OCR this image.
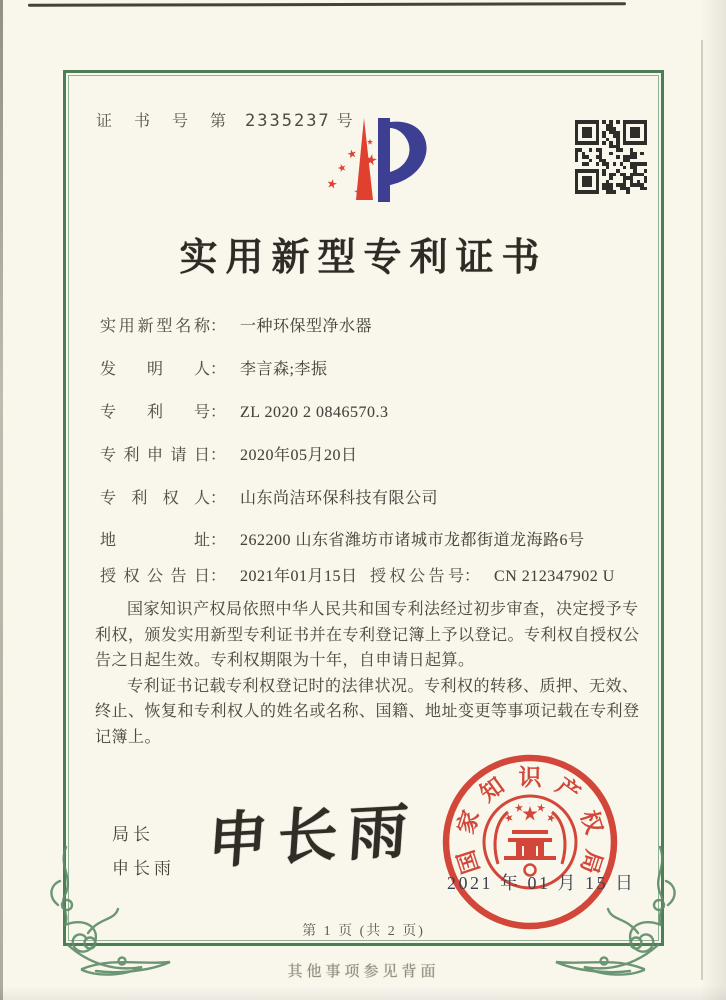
证 书 号 第 2335237 号
实用新型专利证书
实用新型名称： 一种环保型净水器
发明人： 李言森;李振
专利号： ZL 2020 2 0846570.3
专利申请日： 2020年05月20日
专利权人： 山东尚洁环保科技有限公司
地址： 262200 山东省潍坊市诸城市龙都街道龙海路6号
授权公告日： 2021年01月15日 授权公告号： CN 212347902 U

国家知识产权局依照中华人民共和国专利法经过初步审查，决定授予专利权，颁发实用新型专利证书并在专利登记簿上予以登记。专利权自授权公告之日起生效。专利权期限为十年，自申请日起算。

专利证书记载专利权登记时的法律状况。专利权的转移、质押、无效、终止、恢复和专利权人的姓名或名称、国籍、地址变更等事项记载在专利登记簿上。

局长
申长雨 申长雨	国
家
知 识 产
权
局
2021 年 01 月 15 日
第 1 页 (共 2 页)
其他事项参见背面
